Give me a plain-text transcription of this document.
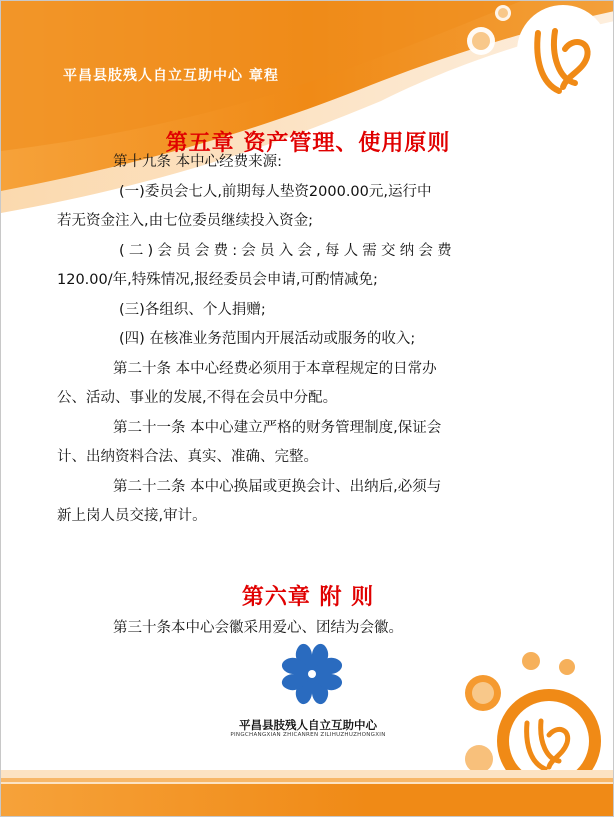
平昌县肢残人自立互助中心 章程
第五章 资产管理、使用原则

第十九条 本中心经费来源:

(一)委员会七人,前期每人垫资2000.00元,运行中

若无资金注入,由七位委员继续投入资金;

(二)会员会费:会员入会,每人需交纳会费

120.00/年,特殊情况,报经委员会申请,可酌情减免;

(三)各组织、个人捐赠;

(四) 在核准业务范围内开展活动或服务的收入;

第二十条 本中心经费必须用于本章程规定的日常办

公、活动、事业的发展,不得在会员中分配。

第二十一条 本中心建立严格的财务管理制度,保证会

计、出纳资料合法、真实、准确、完整。

第二十二条 本中心换届或更换会计、出纳后,必须与

新上岗人员交接,审计。

第六章 附 则

第三十条本中心会徽采用爱心、团结为会徽。

平昌县肢残人自立互助中心
PINGCHANGXIAN ZHICANREN ZILIHUZHUZHONGXIN
